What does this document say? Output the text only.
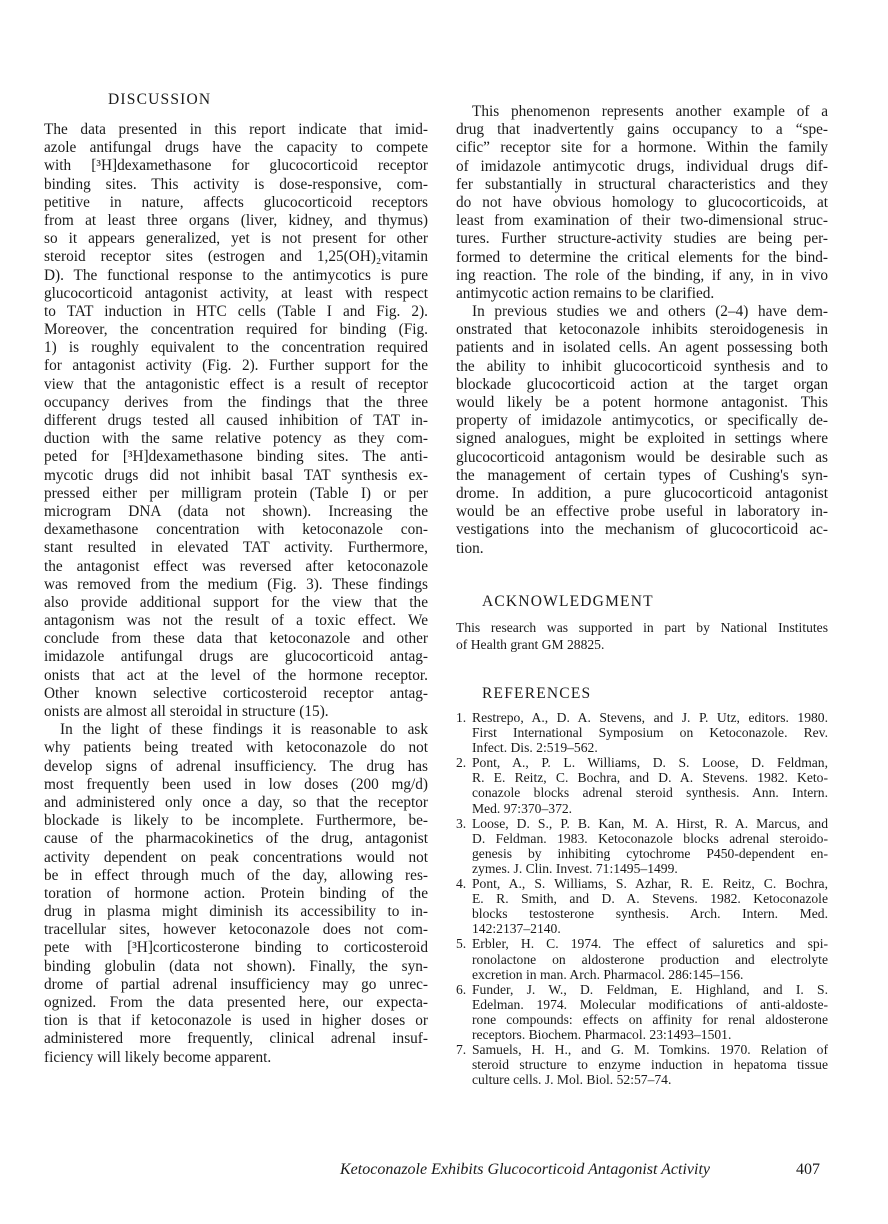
DISCUSSION
The data presented in this report indicate that imid-
azole antifungal drugs have the capacity to compete
with [³H]dexamethasone for glucocorticoid receptor
binding sites. This activity is dose-responsive, com-
petitive in nature, affects glucocorticoid receptors
from at least three organs (liver, kidney, and thymus)
so it appears generalized, yet is not present for other
steroid receptor sites (estrogen and 1,25(OH)₂vitamin
D). The functional response to the antimycotics is pure
glucocorticoid antagonist activity, at least with respect
to TAT induction in HTC cells (Table I and Fig. 2).
Moreover, the concentration required for binding (Fig.
1) is roughly equivalent to the concentration required
for antagonist activity (Fig. 2). Further support for the
view that the antagonistic effect is a result of receptor
occupancy derives from the findings that the three
different drugs tested all caused inhibition of TAT in-
duction with the same relative potency as they com-
peted for [³H]dexamethasone binding sites. The anti-
mycotic drugs did not inhibit basal TAT synthesis ex-
pressed either per milligram protein (Table I) or per
microgram DNA (data not shown). Increasing the
dexamethasone concentration with ketoconazole con-
stant resulted in elevated TAT activity. Furthermore,
the antagonist effect was reversed after ketoconazole
was removed from the medium (Fig. 3). These findings
also provide additional support for the view that the
antagonism was not the result of a toxic effect. We
conclude from these data that ketoconazole and other
imidazole antifungal drugs are glucocorticoid antag-
onists that act at the level of the hormone receptor.
Other known selective corticosteroid receptor antag-
onists are almost all steroidal in structure (15).
In the light of these findings it is reasonable to ask
why patients being treated with ketoconazole do not
develop signs of adrenal insufficiency. The drug has
most frequently been used in low doses (200 mg/d)
and administered only once a day, so that the receptor
blockade is likely to be incomplete. Furthermore, be-
cause of the pharmacokinetics of the drug, antagonist
activity dependent on peak concentrations would not
be in effect through much of the day, allowing res-
toration of hormone action. Protein binding of the
drug in plasma might diminish its accessibility to in-
tracellular sites, however ketoconazole does not com-
pete with [³H]corticosterone binding to corticosteroid
binding globulin (data not shown). Finally, the syn-
drome of partial adrenal insufficiency may go unrec-
ognized. From the data presented here, our expecta-
tion is that if ketoconazole is used in higher doses or
administered more frequently, clinical adrenal insuf-
ficiency will likely become apparent.
This phenomenon represents another example of a
drug that inadvertently gains occupancy to a “spe-
cific” receptor site for a hormone. Within the family
of imidazole antimycotic drugs, individual drugs dif-
fer substantially in structural characteristics and they
do not have obvious homology to glucocorticoids, at
least from examination of their two-dimensional struc-
tures. Further structure-activity studies are being per-
formed to determine the critical elements for the bind-
ing reaction. The role of the binding, if any, in in vivo
antimycotic action remains to be clarified.
In previous studies we and others (2–4) have dem-
onstrated that ketoconazole inhibits steroidogenesis in
patients and in isolated cells. An agent possessing both
the ability to inhibit glucocorticoid synthesis and to
blockade glucocorticoid action at the target organ
would likely be a potent hormone antagonist. This
property of imidazole antimycotics, or specifically de-
signed analogues, might be exploited in settings where
glucocorticoid antagonism would be desirable such as
the management of certain types of Cushing's syn-
drome. In addition, a pure glucocorticoid antagonist
would be an effective probe useful in laboratory in-
vestigations into the mechanism of glucocorticoid ac-
tion.
ACKNOWLEDGMENT
This research was supported in part by National Institutes
of Health grant GM 28825.
REFERENCES
1. Restrepo, A., D. A. Stevens, and J. P. Utz, editors. 1980.
First International Symposium on Ketoconazole. Rev.
Infect. Dis. 2:519–562.
2. Pont, A., P. L. Williams, D. S. Loose, D. Feldman,
R. E. Reitz, C. Bochra, and D. A. Stevens. 1982. Keto-
conazole blocks adrenal steroid synthesis. Ann. Intern.
Med. 97:370–372.
3. Loose, D. S., P. B. Kan, M. A. Hirst, R. A. Marcus, and
D. Feldman. 1983. Ketoconazole blocks adrenal steroido-
genesis by inhibiting cytochrome P450-dependent en-
zymes. J. Clin. Invest. 71:1495–1499.
4. Pont, A., S. Williams, S. Azhar, R. E. Reitz, C. Bochra,
E. R. Smith, and D. A. Stevens. 1982. Ketoconazole
blocks testosterone synthesis. Arch. Intern. Med.
142:2137–2140.
5. Erbler, H. C. 1974. The effect of saluretics and spi-
ronolactone on aldosterone production and electrolyte
excretion in man. Arch. Pharmacol. 286:145–156.
6. Funder, J. W., D. Feldman, E. Highland, and I. S.
Edelman. 1974. Molecular modifications of anti-aldoste-
rone compounds: effects on affinity for renal aldosterone
receptors. Biochem. Pharmacol. 23:1493–1501.
7. Samuels, H. H., and G. M. Tomkins. 1970. Relation of
steroid structure to enzyme induction in hepatoma tissue
culture cells. J. Mol. Biol. 52:57–74.
Ketoconazole Exhibits Glucocorticoid Antagonist Activity	407
